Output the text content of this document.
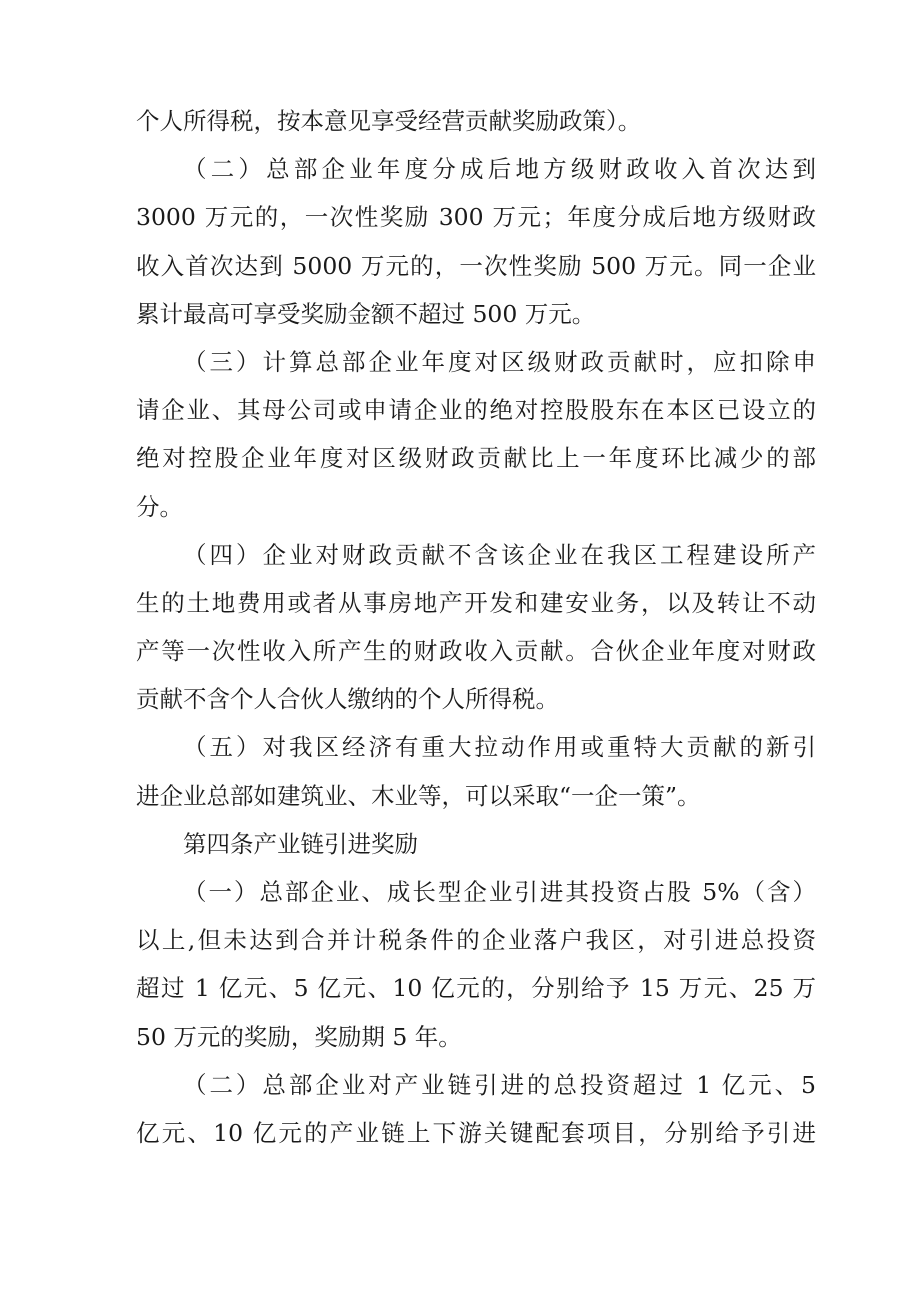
个人所得税，按本意见享受经营贡献奖励政策）。
（二）总部企业年度分成后地方级财政收入首次达到
3000 万元的，一次性奖励 300 万元；年度分成后地方级财政
收入首次达到 5000 万元的，一次性奖励 500 万元。同一企业
累计最高可享受奖励金额不超过 500 万元。
（三）计算总部企业年度对区级财政贡献时，应扣除申
请企业、其母公司或申请企业的绝对控股股东在本区已设立的
绝对控股企业年度对区级财政贡献比上一年度环比减少的部
分。
（四）企业对财政贡献不含该企业在我区工程建设所产
生的土地费用或者从事房地产开发和建安业务，以及转让不动
产等一次性收入所产生的财政收入贡献。合伙企业年度对财政
贡献不含个人合伙人缴纳的个人所得税。
（五）对我区经济有重大拉动作用或重特大贡献的新引
进企业总部如建筑业、木业等，可以采取“一企一策”。
第四条产业链引进奖励
（一）总部企业、成长型企业引进其投资占股 5%（含）
以上,但未达到合并计税条件的企业落户我区，对引进总投资
超过 1 亿元、5 亿元、10 亿元的，分别给予 15 万元、25 万
50 万元的奖励，奖励期 5 年。
（二）总部企业对产业链引进的总投资超过 1 亿元、5
亿元、10 亿元的产业链上下游关键配套项目，分别给予引进
